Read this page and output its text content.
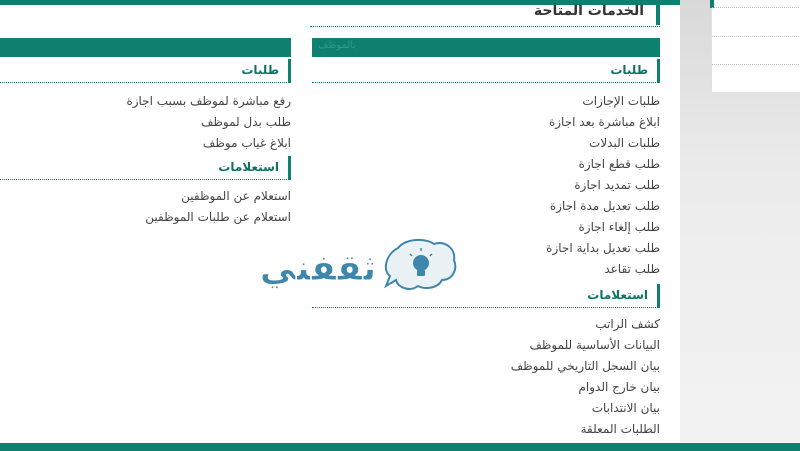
الخدمات المتاحة
بالموظف
طلبات
طلبات الإجازات
ابلاغ مباشرة بعد اجازة
طلبات البدلات
طلب قطع اجازة
طلب تمديد اجازة
طلب تعديل مدة اجازة
طلب إلغاء اجازة
طلب تعديل بداية اجازة
طلب تقاعد
استعلامات
كشف الراتب
البيانات الأساسية للموظف
بيان السجل التاريخي للموظف
بيان خارج الدوام
بيان الانتدابات
الطلبات المعلقة
طلبات
رفع مباشرة لموظف بسبب اجازة
طلب بدل لموظف
ابلاغ غياب موظف
استعلامات
استعلام عن الموظفين
استعلام عن طلبات الموظفين
ثقفني
